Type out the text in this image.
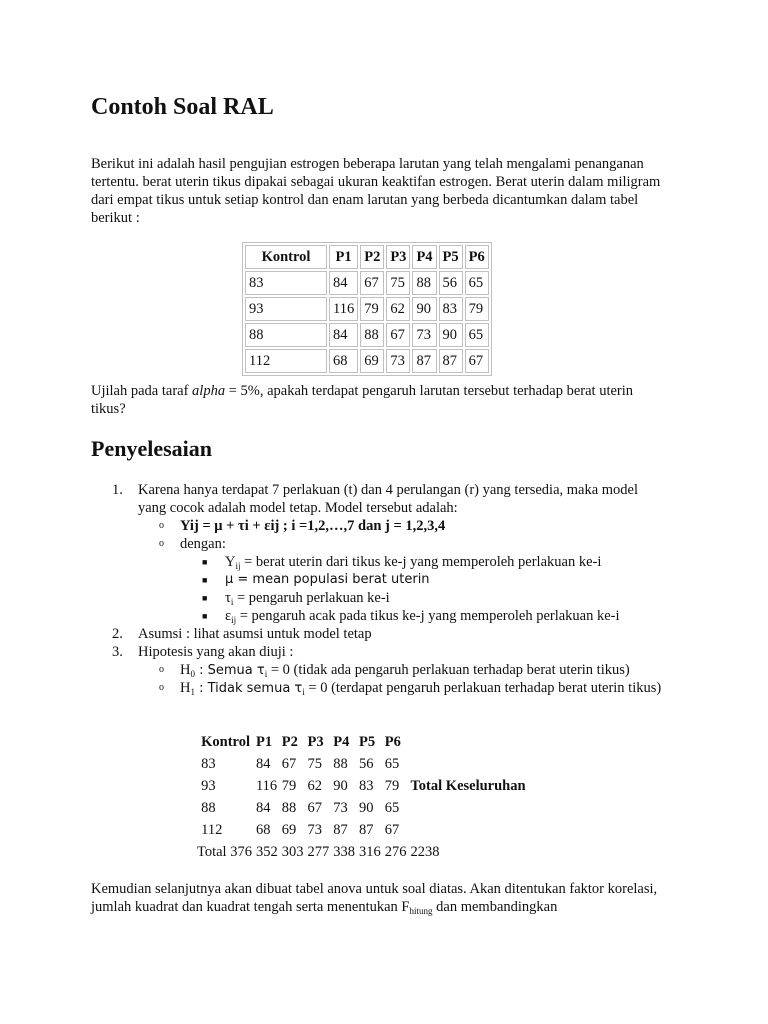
Contoh Soal RAL

Berikut ini adalah hasil pengujian estrogen beberapa larutan yang telah mengalami penanganan tertentu. berat uterin tikus dipakai sebagai ukuran keaktifan estrogen. Berat uterin dalam miligram dari empat tikus untuk setiap kontrol dan enam larutan yang berbeda dicantumkan dalam tabel berikut :

Kontrol	P1	P2	P3	P4	P5	P6
83	84	67	75	88	56	65
93	116	79	62	90	83	79
88	84	88	67	73	90	65
112	68	69	73	87	87	67

Ujilah pada taraf alpha = 5%, apakah terdapat pengaruh larutan tersebut terhadap berat uterin tikus?

Penyelesaian
1. Karena hanya terdapat 7 perlakuan (t) dan 4 perulangan (r) yang tersedia, maka model
yang cocok adalah model tetap. Model tersebut adalah:
o Yij = μ + τi + εij ; i =1,2,…,7 dan j = 1,2,3,4
o dengan:
■ $Y_{ij}$ = berat uterin dari tikus ke-j yang memperoleh perlakuan ke-i
■ μ = mean populasi berat uterin
■ $\tau_i$ = pengaruh perlakuan ke-i
■ $\varepsilon_{ij}$ = pengaruh acak pada tikus ke-j yang memperoleh perlakuan ke-i
2. Asumsi : lihat asumsi untuk model tetap
3. Hipotesis yang akan diuji :
o $H_0$ : Semua $\tau_i = 0$ (tidak ada pengaruh perlakuan terhadap berat uterin tikus)
o $H_1$ : Tidak semua $\tau_i = 0$ (terdapat pengaruh perlakuan terhadap berat uterin tikus)
	Kontrol	P1	P2	P3	P4	P5	P6	
	83	84	67	75	88	56	65	
	93	116	79	62	90	83	79	Total Keseluruhan
	88	84	88	67	73	90	65	
	112	68	69	73	87	87	67	
Total 376		352	303	277	338	316	276	2238

Kemudian selanjutnya akan dibuat tabel anova untuk soal diatas. Akan ditentukan faktor korelasi, jumlah kuadrat dan kuadrat tengah serta menentukan $F_{hitung}$ dan membandingkan
